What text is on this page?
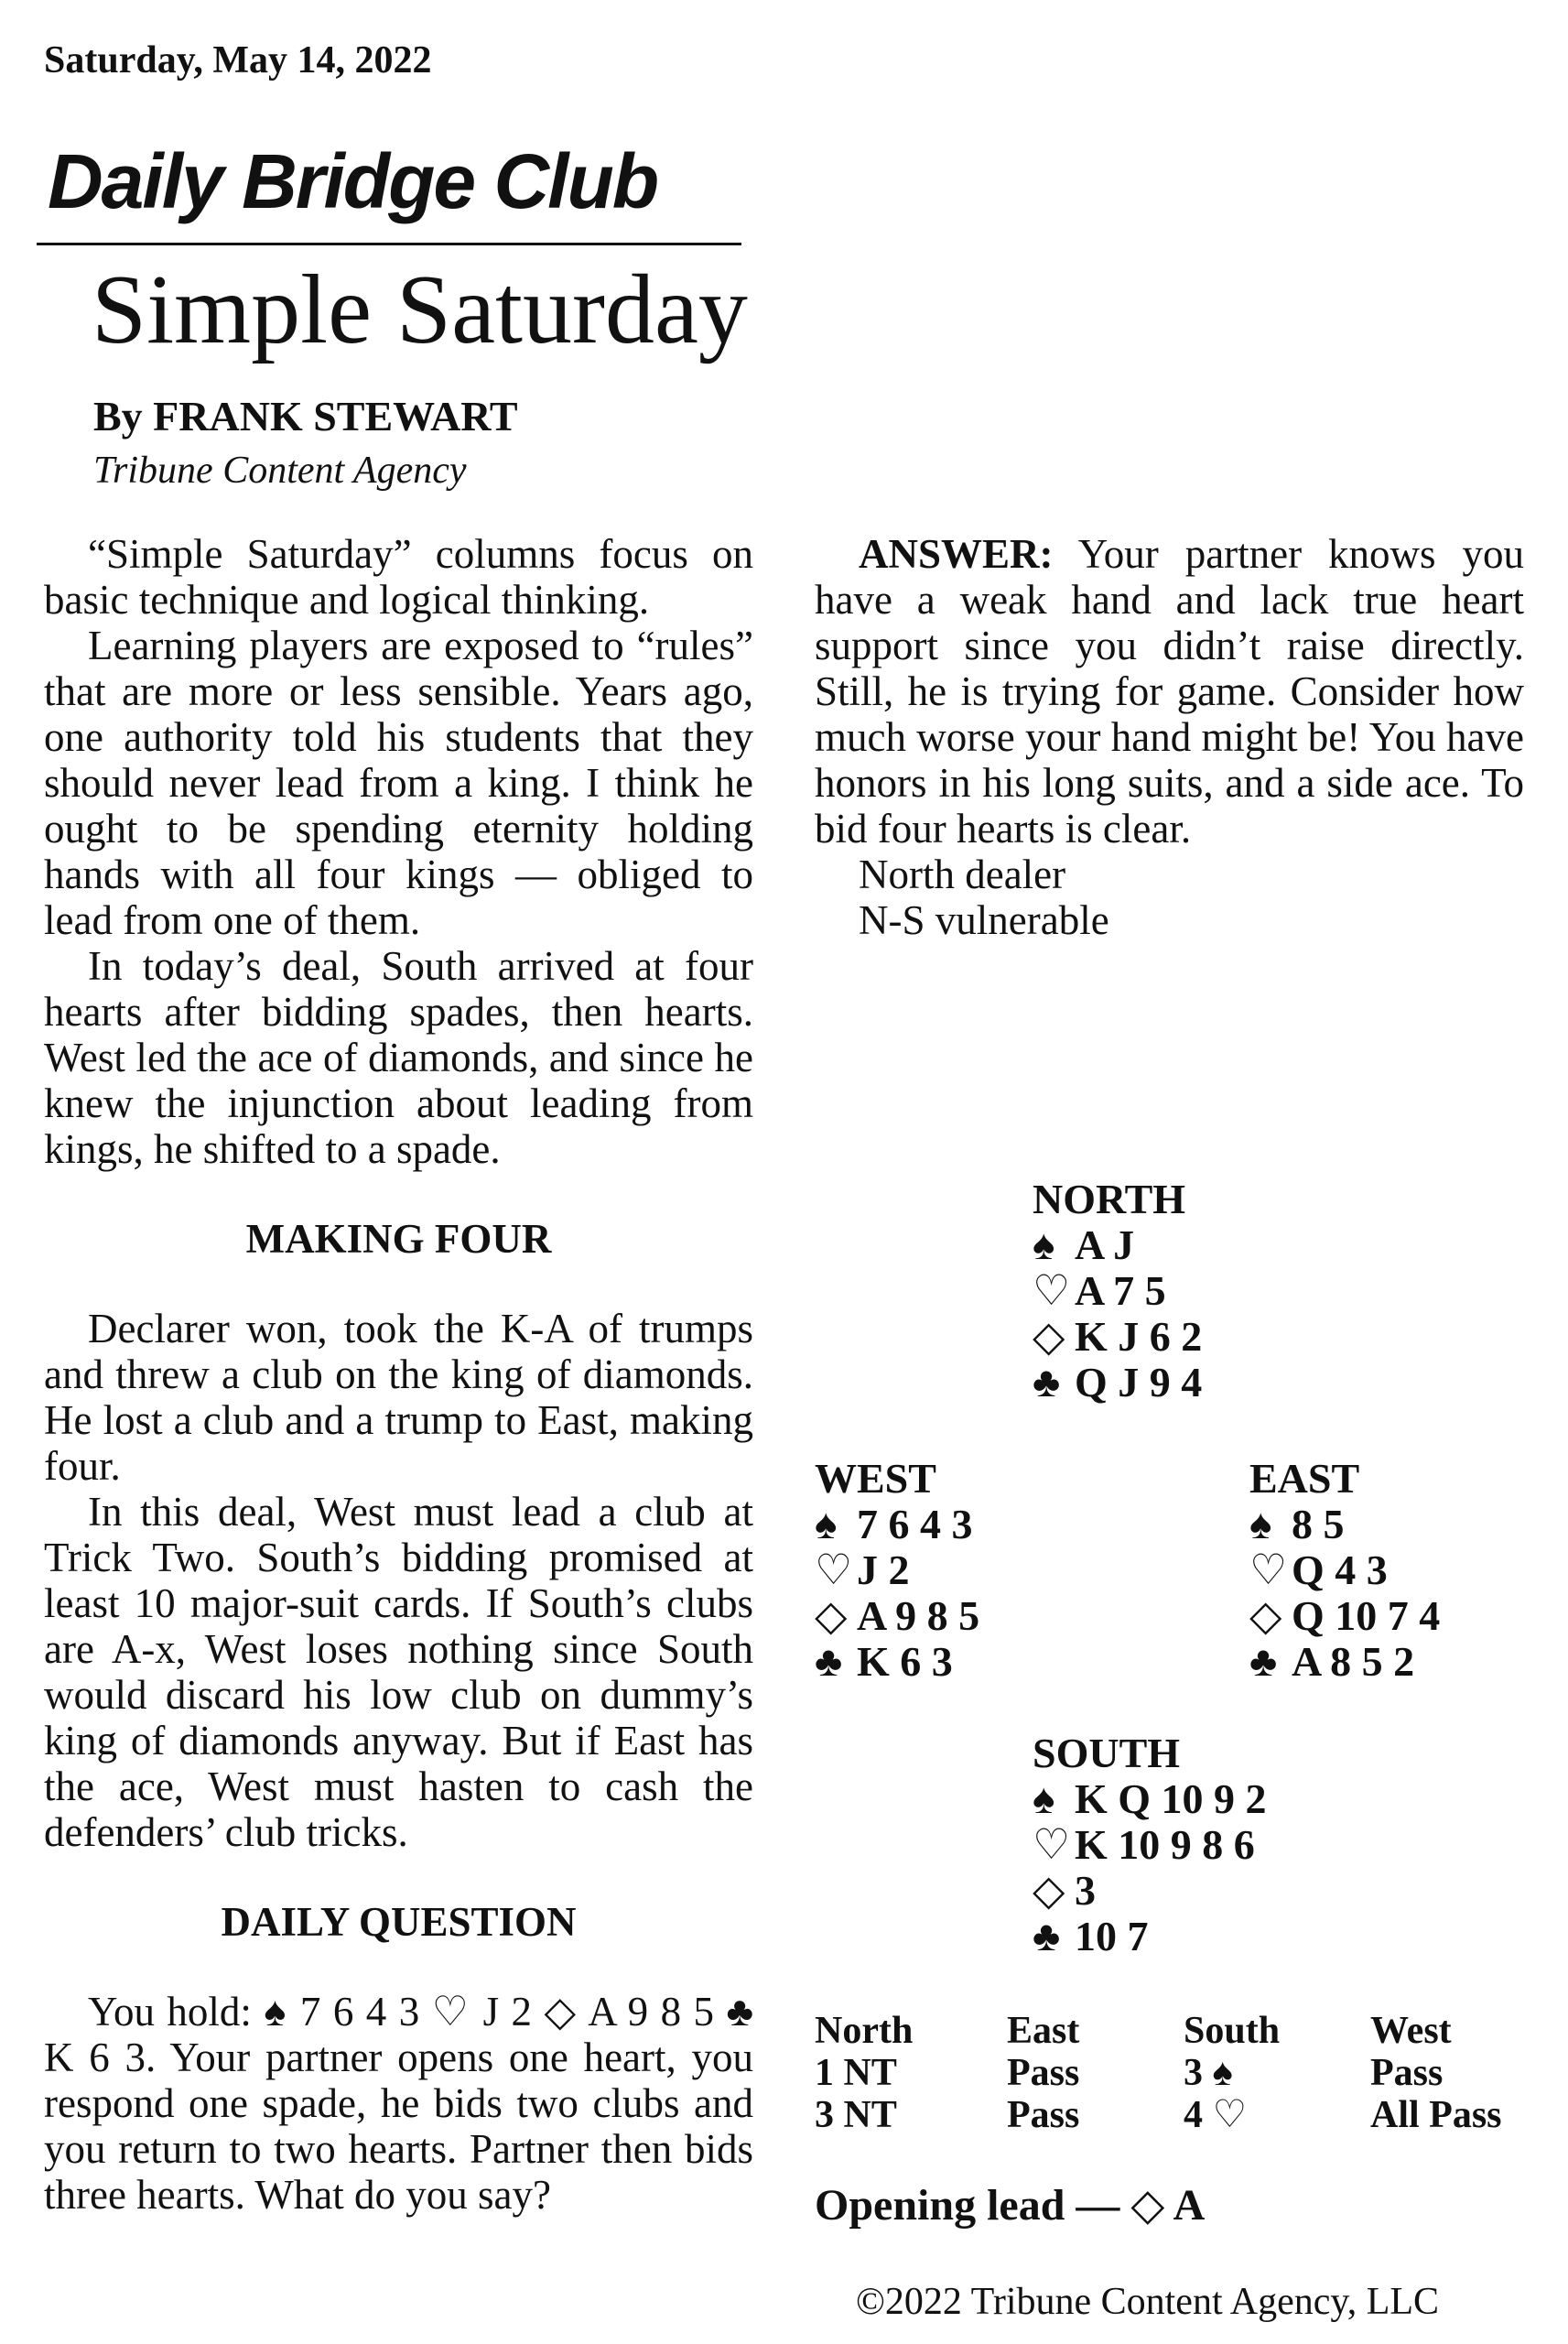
Saturday, May 14, 2022
Daily Bridge Club
Simple Saturday
By FRANK STEWART
Tribune Content Agency

“Simple Saturday” columns focus on basic technique and logical thinking.

Learning players are exposed to “rules” that are more or less sensible. Years ago, one authority told his students that they should never lead from a king. I think he ought to be spending eternity holding hands with all four kings — obliged to lead from one of them.

In today’s deal, South arrived at four hearts after bidding spades, then hearts. West led the ace of diamonds, and since he knew the injunction about leading from kings, he shifted to a spade.

MAKING FOUR

Declarer won, took the K-A of trumps and threw a club on the king of diamonds. He lost a club and a trump to East, making four.

In this deal, West must lead a club at Trick Two. South’s bidding promised at least 10 major-suit cards. If South’s clubs are A-x, West loses nothing since South would discard his low club on dummy’s king of diamonds anyway. But if East has the ace, West must hasten to cash the defenders’ club tricks.

DAILY QUESTION

You hold: ♠ 7 6 4 3 ♡ J 2 ◇ A 9 8 5 ♣ K 6 3. Your partner opens one heart, you respond one spade, he bids two clubs and you return to two hearts. Partner then bids three hearts. What do you say?

ANSWER: Your partner knows you have a weak hand and lack true heart support since you didn’t raise directly. Still, he is trying for game. Consider how much worse your hand might be! You have honors in his long suits, and a side ace. To bid four hearts is clear.

North dealer

N-S vulnerable

NORTH
♠ A J
♡ A 7 5
◇ K J 6 2
♣ Q J 9 4
WEST
♠ 7 6 4 3
♡ J 2
◇ A 9 8 5
♣ K 6 3
EAST
♠ 8 5
♡ Q 4 3
◇ Q 10 7 4
♣ A 8 5 2
SOUTH
♠ K Q 10 9 2
♡ K 10 9 8 6
◇ 3
♣ 10 7
North
1 NT
3 NT
East
Pass
Pass
South
3 ♠
4 ♡
West
Pass
All Pass
Opening lead — ◇ A
©2022 Tribune Content Agency, LLC
